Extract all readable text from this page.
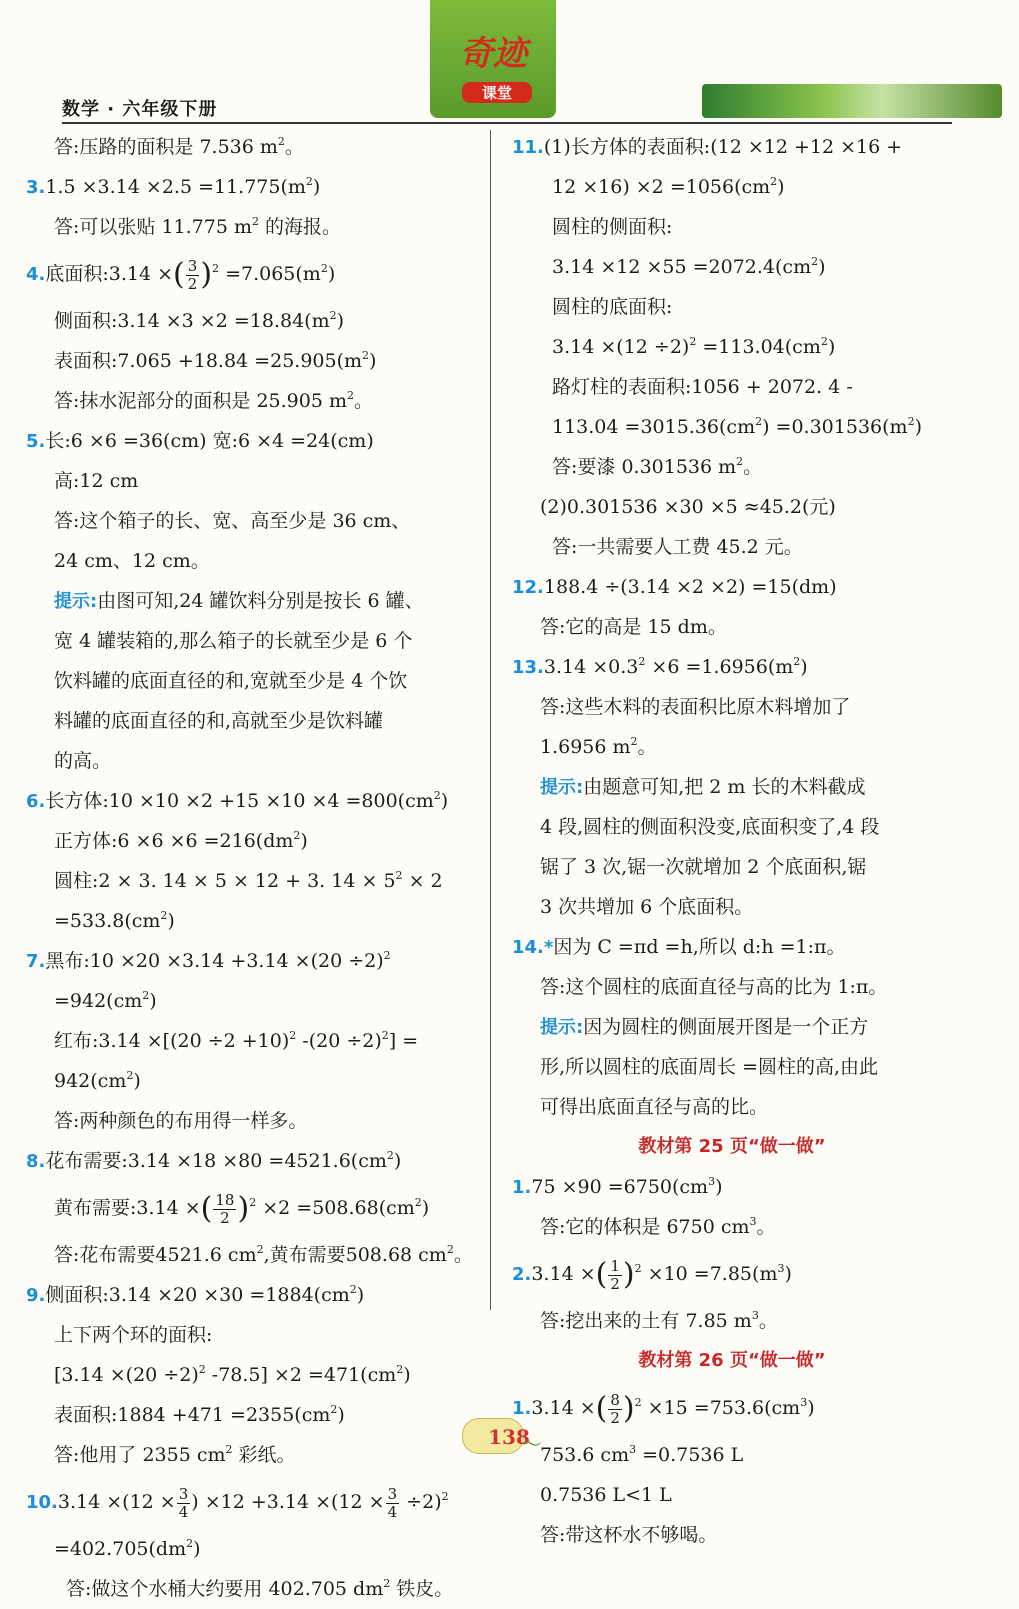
数学 · 六年级下册
奇迹
课堂
答:压路的面积是 7.536 $m^2$。
$3.1.5 \times 3.14 \times 2.5 =11.775(m^2)$
答:可以张贴 11.775 $m^2$ 的海报。
4.底面积:3.14 ×( $\frac{3}{2} )^2 =7.065(m^2)$
侧面积:3.14 $\times 3 \times 2 =18.84(m^2)$
表面积:7.065 $+18.84 =25.905(m^2)$
答:抹水泥部分的面积是 25.905 $m^2$。
5.长:6 ×6 =36(cm) 宽:6 ×4 =24(cm)
高:12 cm
答:这个箱子的长、宽、高至少是 36 cm、
24 cm、12 cm。
提示:由图可知,24 罐饮料分别是按长 6 罐、
宽 4 罐装箱的,那么箱子的长就至少是 6 个
饮料罐的底面直径的和,宽就至少是 4 个饮
料罐的底面直径的和,高就至少是饮料罐
的高。
6.长方体:10 $\times 10 \times 2 +15 \times 10 \times 4 =800(cm^2)$
正方体:6 $\times 6 \times 6 =216(dm^2)$
圆柱:2 × 3. 14 × 5 × 12 + 3. $14 \times 5^2 \times 2$
$=533.8(cm^2)$
7.黑布:10 $\times 20 \times 3.14 +3.14 \times(20 \div 2)^2$
$=942(cm^2)$
红布:3.14 $\times[(20 \div 2 +10)^2$ $-(20 \div 2)^2$] =
$942(cm^2)$
答:两种颜色的布用得一样多。
8.花布需要:3.14 $\times 18 \times 80 =4521.6(cm^2)$
黄布需要:3.14 ×( $\frac{18}{2} )^2 \times 2 =508.68(cm^2)$
答:花布需要4521.6 $cm^2$,黄布需要508.68 $cm^2$。
9.侧面积:3.14 $\times 20 \times 30 =1884(cm^2)$
上下两个环的面积:
[$3.14 \times(20 \div 2)^2$ $-78.5] \times 2 =471(cm^2)$
表面积:1884 $+471 =2355(cm^2)$
答:他用了 2355 $cm^2$ 彩纸。
$10.3.14 \times(12 \times \frac{3}{4}$ ) $\times 12 +3.14 \times(12 \times \frac{3}{4} \div 2)^2$
$=402.705(dm^2)$
答:做这个水桶大约要用 402.705 $dm^2$ 铁皮。
11.(1)长方体的表面积:(12 ×12 +12 ×16 +
$12 \times 16) \times 2 =1056(cm^2)$
圆柱的侧面积:
$3.14 \times 12 \times 55 =2072.4(cm^2)$
圆柱的底面积:
$3.14 \times(12 \div 2)^2 =113.04(cm^2)$
路灯柱的表面积:1056 + 2072. 4 -
$113.04 =3015.36(cm^2) =0.301536(m^2)$
答:要漆 0.301536 $m^2$。
(2)0.301536 ×30 ×5 ≈45.2(元)
答:一共需要人工费 45.2 元。
12.188.4 ÷(3.14 ×2 ×2) =15(dm)
答:它的高是 15 dm。
$13.3.14 \times 0.3^2 \times 6 =1.6956(m^2)$
答:这些木料的表面积比原木料增加了
1.6956 $m^2$。
提示:由题意可知,把 2 m 长的木料截成
4 段,圆柱的侧面积没变,底面积变了,4 段
锯了 3 次,锯一次就增加 2 个底面积,锯
3 次共增加 6 个底面积。
14.*因为 C =πd =h,所以 d:h =1:π。
答:这个圆柱的底面直径与高的比为 1:π。
提示:因为圆柱的侧面展开图是一个正方
形,所以圆柱的底面周长 =圆柱的高,由此
可得出底面直径与高的比。
教材第 25 页“做一做”
$1.75 \times 90 =6750(cm^3)$
答:它的体积是 6750 $cm^3$。
2.3.14 ×( $\frac{1}{2} )^2 \times 10 =7.85(m^3)$
答:挖出来的土有 7.85 $m^3$。
教材第 26 页“做一做”
1.3.14 ×( $\frac{8}{2} )^2 \times 15 =753.6(cm^3)$
753.6 $cm^3 =0.7536$ L
0.7536 L<1 L
答:带这杯水不够喝。
138
〜
